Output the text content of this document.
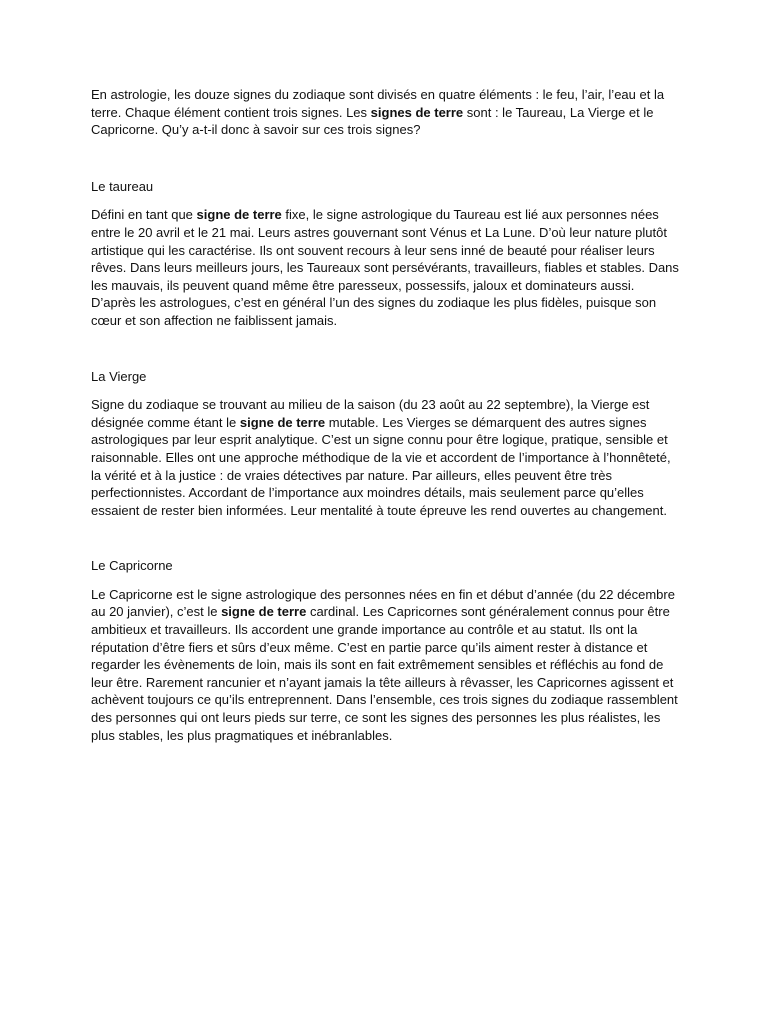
En astrologie, les douze signes du zodiaque sont divisés en quatre éléments : le feu, l’air, l’eau et la terre. Chaque élément contient trois signes. Les signes de terre sont : le Taureau, La Vierge et le Capricorne. Qu’y a-t-il donc à savoir sur ces trois signes?

Le taureau

Défini en tant que signe de terre fixe, le signe astrologique du Taureau est lié aux personnes nées entre le 20 avril et le 21 mai. Leurs astres gouvernant sont Vénus et La Lune. D’où leur nature plutôt artistique qui les caractérise. Ils ont souvent recours à leur sens inné de beauté pour réaliser leurs rêves. Dans leurs meilleurs jours, les Taureaux sont persévérants, travailleurs, fiables et stables. Dans les mauvais, ils peuvent quand même être paresseux, possessifs, jaloux et dominateurs aussi. D’après les astrologues, c’est en général l’un des signes du zodiaque les plus fidèles, puisque son cœur et son affection ne faiblissent jamais.

La Vierge

Signe du zodiaque se trouvant au milieu de la saison (du 23 août au 22 septembre), la Vierge est désignée comme étant le signe de terre mutable. Les Vierges se démarquent des autres signes astrologiques par leur esprit analytique. C’est un signe connu pour être logique, pratique, sensible et raisonnable. Elles ont une approche méthodique de la vie et accordent de l’importance à l’honnêteté, la vérité et à la justice : de vraies détectives par nature. Par ailleurs, elles peuvent être très perfectionnistes. Accordant de l’importance aux moindres détails, mais seulement parce qu’elles essaient de rester bien informées. Leur mentalité à toute épreuve les rend ouvertes au changement.

Le Capricorne

Le Capricorne est le signe astrologique des personnes nées en fin et début d’année (du 22 décembre au 20 janvier), c’est le signe de terre cardinal. Les Capricornes sont généralement connus pour être ambitieux et travailleurs. Ils accordent une grande importance au contrôle et au statut. Ils ont la réputation d’être fiers et sûrs d’eux même. C’est en partie parce qu’ils aiment rester à distance et regarder les évènements de loin, mais ils sont en fait extrêmement sensibles et réfléchis au fond de leur être. Rarement rancunier et n’ayant jamais la tête ailleurs à rêvasser, les Capricornes agissent et achèvent toujours ce qu’ils entreprennent. Dans l’ensemble, ces trois signes du zodiaque rassemblent des personnes qui ont leurs pieds sur terre, ce sont les signes des personnes les plus réalistes, les plus stables, les plus pragmatiques et inébranlables.
